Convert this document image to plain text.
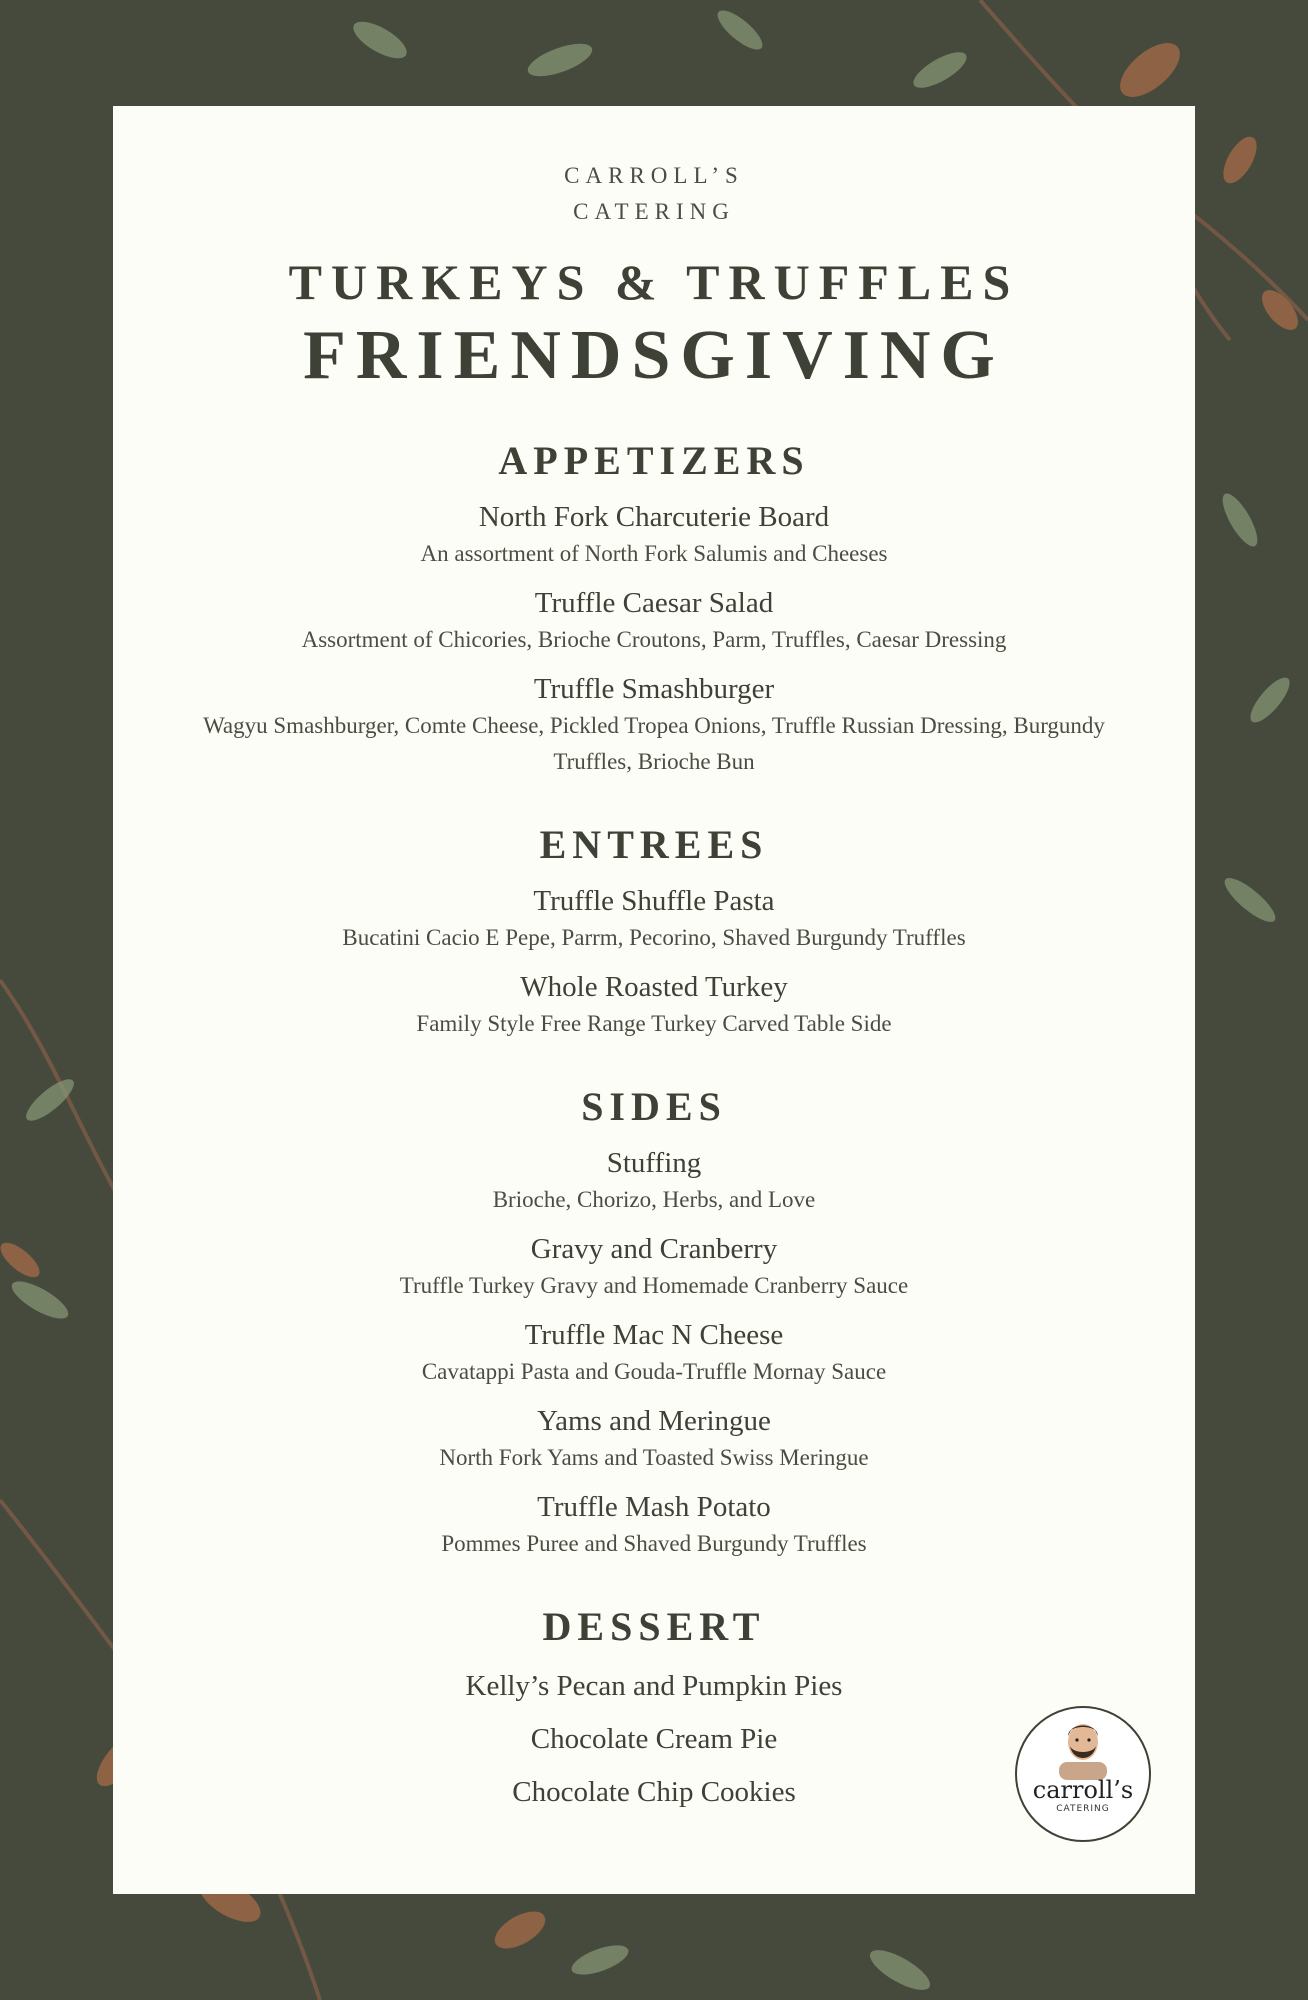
CARROLL’S
CATERING
TURKEYS & TRUFFLES
FRIENDSGIVING
APPETIZERS
North Fork Charcuterie Board
An assortment of North Fork Salumis and Cheeses
Truffle Caesar Salad
Assortment of Chicories, Brioche Croutons, Parm, Truffles, Caesar Dressing
Truffle Smashburger
Wagyu Smashburger, Comte Cheese, Pickled Tropea Onions, Truffle Russian Dressing, Burgundy Truffles, Brioche Bun
ENTREES
Truffle Shuffle Pasta
Bucatini Cacio E Pepe, Parrm, Pecorino, Shaved Burgundy Truffles
Whole Roasted Turkey
Family Style Free Range Turkey Carved Table Side
SIDES
Stuffing
Brioche, Chorizo, Herbs, and Love
Gravy and Cranberry
Truffle Turkey Gravy and Homemade Cranberry Sauce
Truffle Mac N Cheese
Cavatappi Pasta and Gouda-Truffle Mornay Sauce
Yams and Meringue
North Fork Yams and Toasted Swiss Meringue
Truffle Mash Potato
Pommes Puree and Shaved Burgundy Truffles
DESSERT
Kelly’s Pecan and Pumpkin Pies
Chocolate Cream Pie
Chocolate Chip Cookies	carroll’s
CATERING
